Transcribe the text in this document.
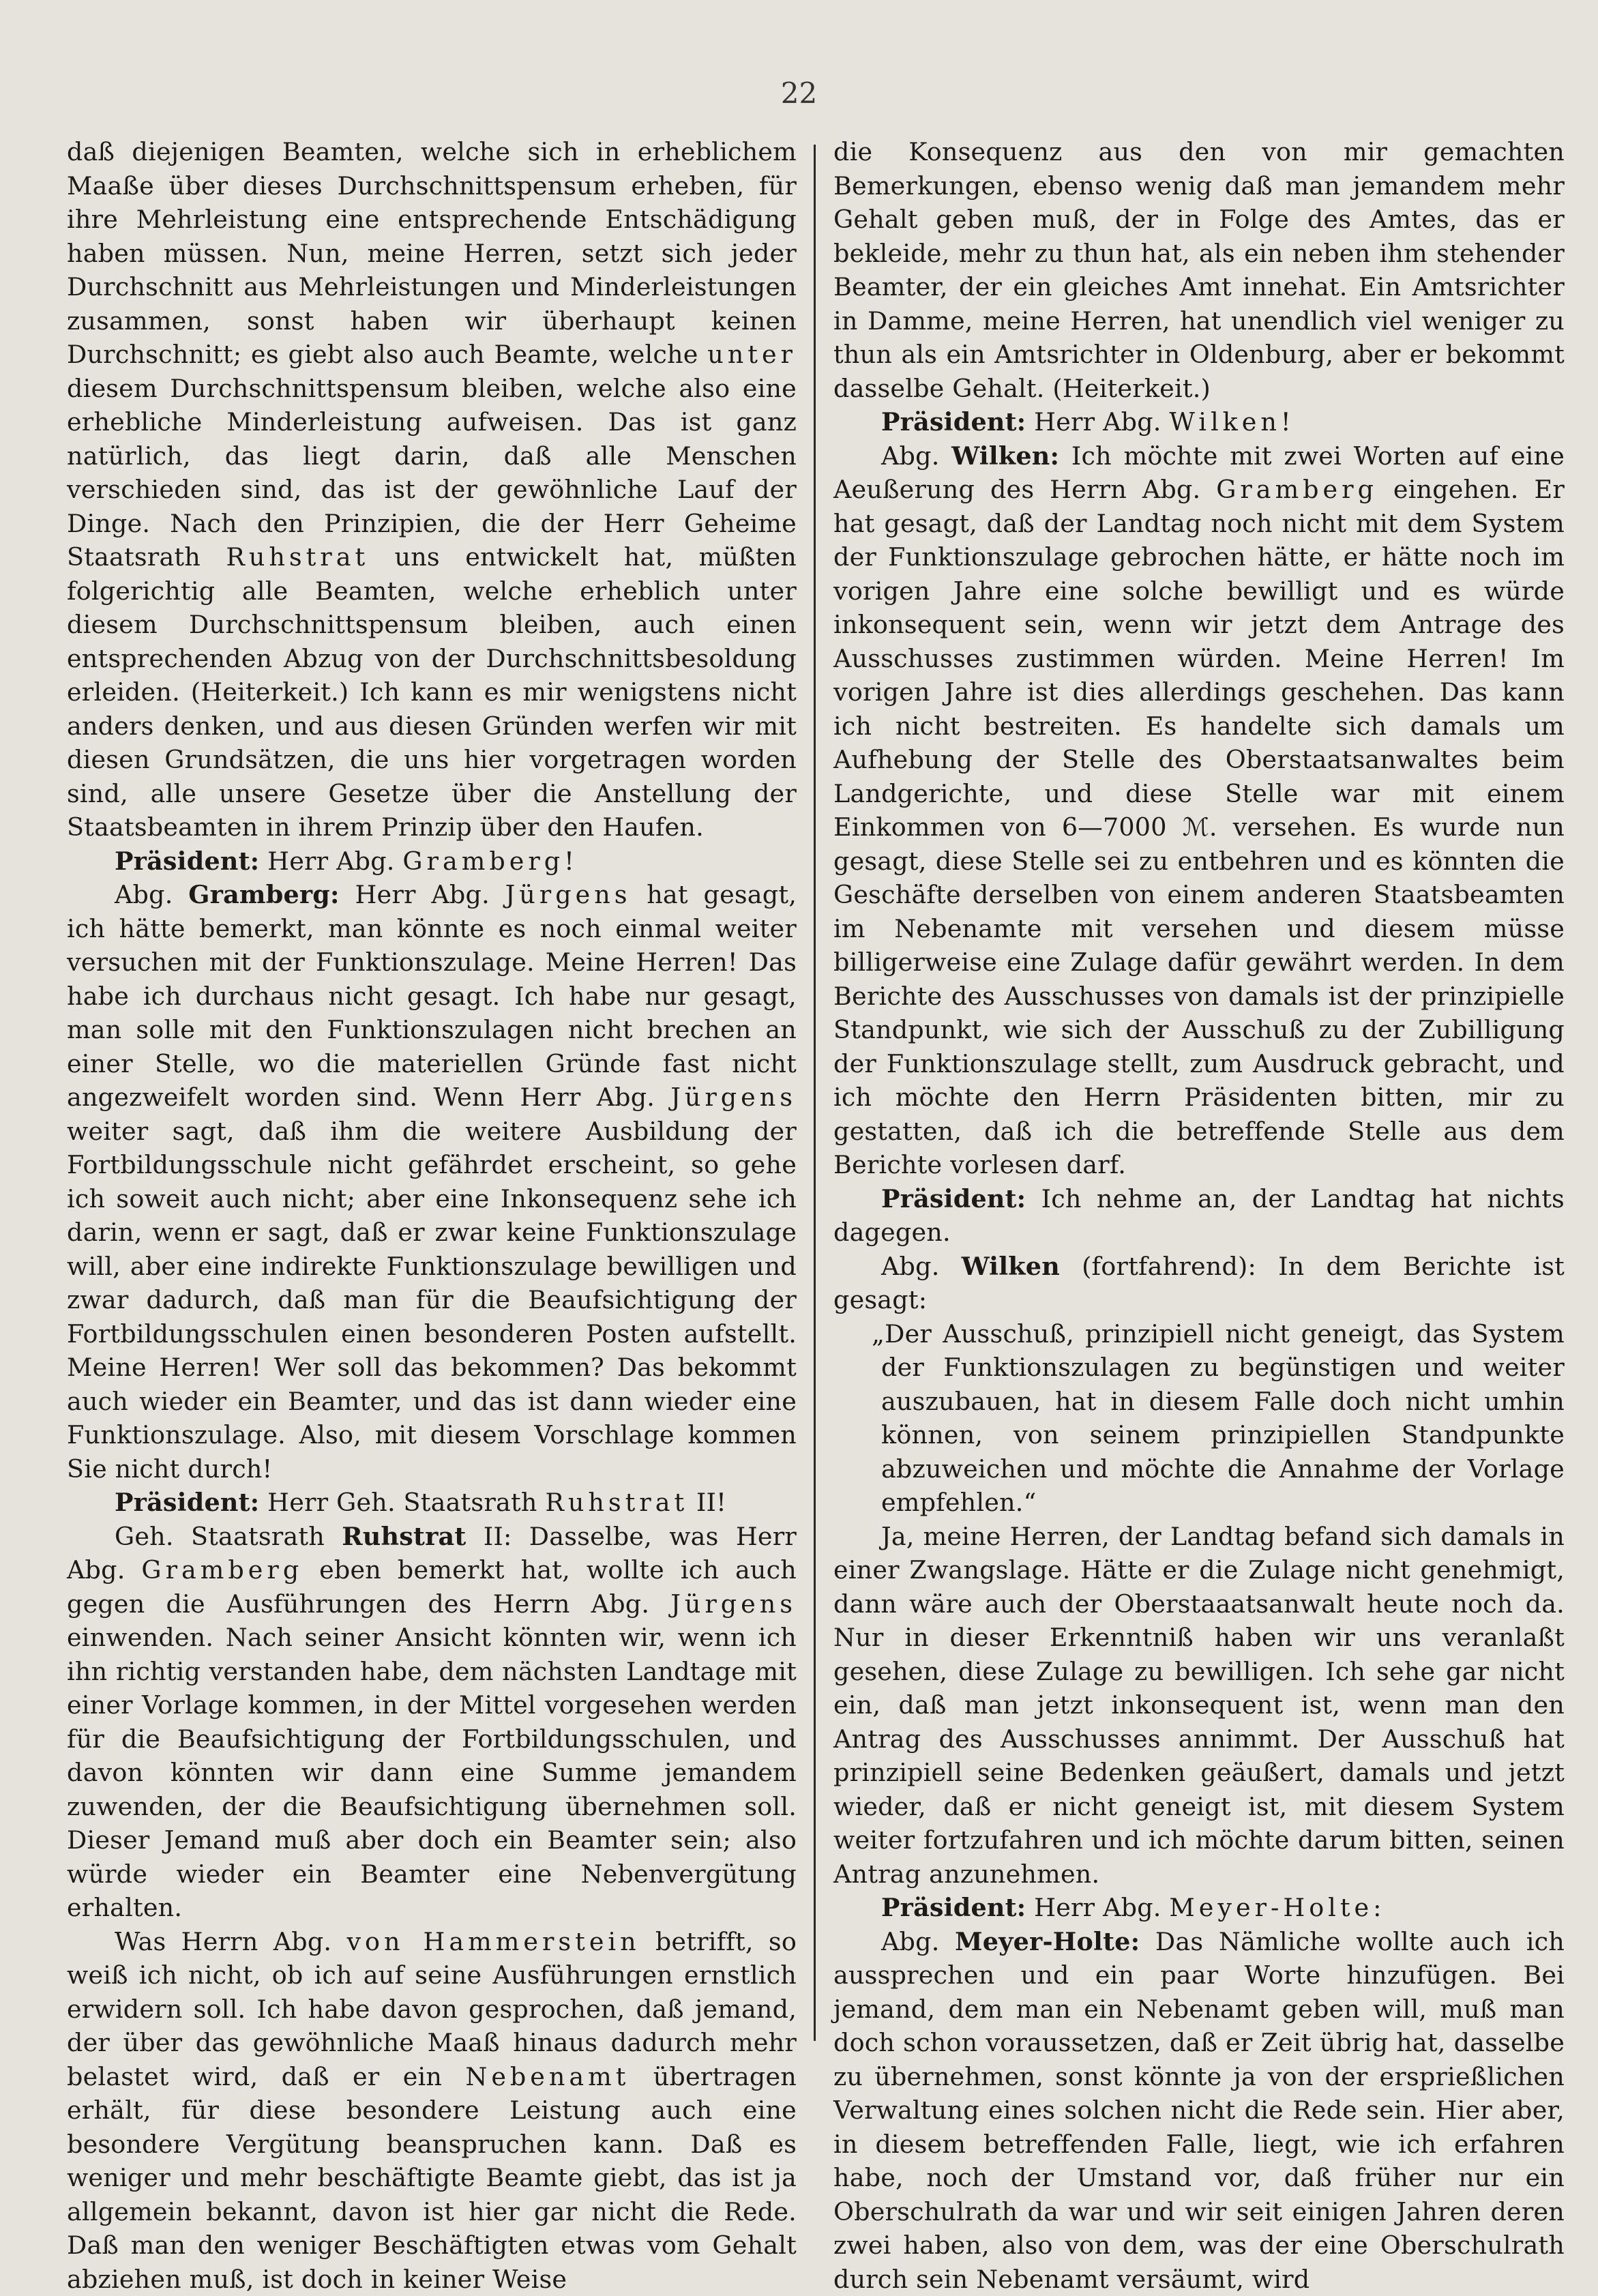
22

daß diejenigen Beamten, welche sich in erheblichem Maaße über dieses Durchschnittspensum erheben, für ihre Mehrleistung eine entsprechende Entschädigung haben müssen. Nun, meine Herren, setzt sich jeder Durchschnitt aus Mehrleistungen und Minderleistungen zusammen, sonst haben wir überhaupt keinen Durchschnitt; es giebt also auch Beamte, welche unter diesem Durchschnittspensum bleiben, welche also eine erhebliche Minderleistung aufweisen. Das ist ganz natürlich, das liegt darin, daß alle Menschen verschieden sind, das ist der gewöhnliche Lauf der Dinge. Nach den Prinzipien, die der Herr Geheime Staatsrath Ruhstrat uns entwickelt hat, müßten folgerichtig alle Beamten, welche erheblich unter diesem Durchschnittspensum bleiben, auch einen entsprechenden Abzug von der Durchschnittsbesoldung erleiden. (Heiterkeit.) Ich kann es mir wenigstens nicht anders denken, und aus diesen Gründen werfen wir mit diesen Grundsätzen, die uns hier vorgetragen worden sind, alle unsere Gesetze über die Anstellung der Staatsbeamten in ihrem Prinzip über den Haufen.

Präsident: Herr Abg. Gramberg!

Abg. Gramberg: Herr Abg. Jürgens hat gesagt, ich hätte bemerkt, man könnte es noch einmal weiter versuchen mit der Funktionszulage. Meine Herren! Das habe ich durchaus nicht gesagt. Ich habe nur gesagt, man solle mit den Funktionszulagen nicht brechen an einer Stelle, wo die materiellen Gründe fast nicht angezweifelt worden sind. Wenn Herr Abg. Jürgens weiter sagt, daß ihm die weitere Ausbildung der Fortbildungsschule nicht gefährdet erscheint, so gehe ich soweit auch nicht; aber eine Inkonsequenz sehe ich darin, wenn er sagt, daß er zwar keine Funktionszulage will, aber eine indirekte Funktionszulage bewilligen und zwar dadurch, daß man für die Beaufsichtigung der Fortbildungsschulen einen besonderen Posten aufstellt. Meine Herren! Wer soll das bekommen? Das bekommt auch wieder ein Beamter, und das ist dann wieder eine Funktionszulage. Also, mit diesem Vorschlage kommen Sie nicht durch!

Präsident: Herr Geh. Staatsrath Ruhstrat II!

Geh. Staatsrath Ruhstrat II: Dasselbe, was Herr Abg. Gramberg eben bemerkt hat, wollte ich auch gegen die Ausführungen des Herrn Abg. Jürgens einwenden. Nach seiner Ansicht könnten wir, wenn ich ihn richtig verstanden habe, dem nächsten Landtage mit einer Vorlage kommen, in der Mittel vorgesehen werden für die Beaufsichtigung der Fortbildungsschulen, und davon könnten wir dann eine Summe jemandem zuwenden, der die Beaufsichtigung übernehmen soll. Dieser Jemand muß aber doch ein Beamter sein; also würde wieder ein Beamter eine Nebenvergütung erhalten.

Was Herrn Abg. von Hammerstein betrifft, so weiß ich nicht, ob ich auf seine Ausführungen ernstlich erwidern soll. Ich habe davon gesprochen, daß jemand, der über das gewöhnliche Maaß hinaus dadurch mehr belastet wird, daß er ein Nebenamt übertragen erhält, für diese besondere Leistung auch eine besondere Vergütung beanspruchen kann. Daß es weniger und mehr beschäftigte Beamte giebt, das ist ja allgemein bekannt, davon ist hier gar nicht die Rede. Daß man den weniger Beschäftigten etwas vom Gehalt abziehen muß, ist doch in keiner Weise

die Konsequenz aus den von mir gemachten Bemerkungen, ebenso wenig daß man jemandem mehr Gehalt geben muß, der in Folge des Amtes, das er bekleide, mehr zu thun hat, als ein neben ihm stehender Beamter, der ein gleiches Amt innehat. Ein Amtsrichter in Damme, meine Herren, hat unendlich viel weniger zu thun als ein Amtsrichter in Oldenburg, aber er bekommt dasselbe Gehalt. (Heiterkeit.)

Präsident: Herr Abg. Wilken!

Abg. Wilken: Ich möchte mit zwei Worten auf eine Aeußerung des Herrn Abg. Gramberg eingehen. Er hat gesagt, daß der Landtag noch nicht mit dem System der Funktionszulage gebrochen hätte, er hätte noch im vorigen Jahre eine solche bewilligt und es würde inkonsequent sein, wenn wir jetzt dem Antrage des Ausschusses zustimmen würden. Meine Herren! Im vorigen Jahre ist dies allerdings geschehen. Das kann ich nicht bestreiten. Es handelte sich damals um Aufhebung der Stelle des Oberstaatsanwaltes beim Landgerichte, und diese Stelle war mit einem Einkommen von 6—7000 ℳ. versehen. Es wurde nun gesagt, diese Stelle sei zu entbehren und es könnten die Geschäfte derselben von einem anderen Staatsbeamten im Nebenamte mit versehen und diesem müsse billigerweise eine Zulage dafür gewährt werden. In dem Berichte des Ausschusses von damals ist der prinzipielle Standpunkt, wie sich der Ausschuß zu der Zubilligung der Funktionszulage stellt, zum Ausdruck gebracht, und ich möchte den Herrn Präsidenten bitten, mir zu gestatten, daß ich die betreffende Stelle aus dem Berichte vorlesen darf.

Präsident: Ich nehme an, der Landtag hat nichts dagegen.

Abg. Wilken (fortfahrend): In dem Berichte ist gesagt:

„Der Ausschuß, prinzipiell nicht geneigt, das System der Funktionszulagen zu begünstigen und weiter auszubauen, hat in diesem Falle doch nicht umhin können, von seinem prinzipiellen Standpunkte abzuweichen und möchte die Annahme der Vorlage empfehlen.“

Ja, meine Herren, der Landtag befand sich damals in einer Zwangslage. Hätte er die Zulage nicht genehmigt, dann wäre auch der Oberstaaatsanwalt heute noch da. Nur in dieser Erkenntniß haben wir uns veranlaßt gesehen, diese Zulage zu bewilligen. Ich sehe gar nicht ein, daß man jetzt inkonsequent ist, wenn man den Antrag des Ausschusses annimmt. Der Ausschuß hat prinzipiell seine Bedenken geäußert, damals und jetzt wieder, daß er nicht geneigt ist, mit diesem System weiter fortzufahren und ich möchte darum bitten, seinen Antrag anzunehmen.

Präsident: Herr Abg. Meyer-Holte:

Abg. Meyer-Holte: Das Nämliche wollte auch ich aussprechen und ein paar Worte hinzufügen. Bei jemand, dem man ein Nebenamt geben will, muß man doch schon voraussetzen, daß er Zeit übrig hat, dasselbe zu übernehmen, sonst könnte ja von der ersprießlichen Verwaltung eines solchen nicht die Rede sein. Hier aber, in diesem betreffenden Falle, liegt, wie ich erfahren habe, noch der Umstand vor, daß früher nur ein Oberschulrath da war und wir seit einigen Jahren deren zwei haben, also von dem, was der eine Oberschulrath durch sein Nebenamt versäumt, wird
